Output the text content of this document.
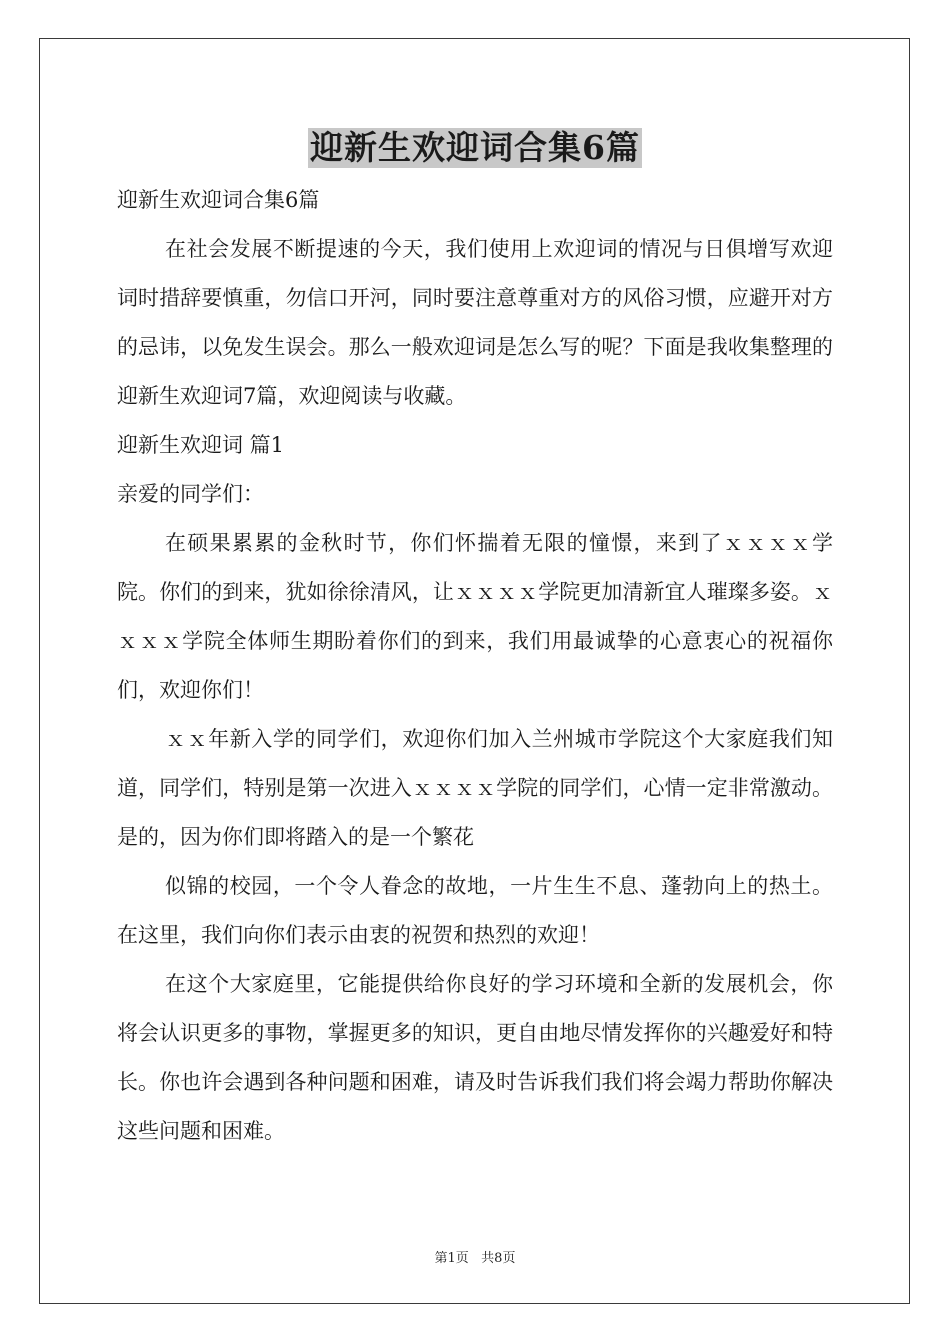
迎新生欢迎词合集6篇

迎新生欢迎词合集6篇

在社会发展不断提速的今天，我们使用上欢迎词的情况与日俱增写欢迎词时措辞要慎重，勿信口开河，同时要注意尊重对方的风俗习惯，应避开对方的忌讳，以免发生误会。那么一般欢迎词是怎么写的呢？下面是我收集整理的迎新生欢迎词7篇，欢迎阅读与收藏。

迎新生欢迎词 篇1

亲爱的同学们：

在硕果累累的金秋时节，你们怀揣着无限的憧憬，来到了ｘｘｘｘ学院。你们的到来，犹如徐徐清风，让ｘｘｘｘ学院更加清新宜人璀璨多姿。ｘｘｘｘ学院全体师生期盼着你们的到来，我们用最诚挚的心意衷心的祝福你们，欢迎你们！

ｘｘ年新入学的同学们，欢迎你们加入兰州城市学院这个大家庭我们知道，同学们，特别是第一次进入ｘｘｘｘ学院的同学们，心情一定非常激动。是的，因为你们即将踏入的是一个繁花

似锦的校园，一个令人眷念的故地，一片生生不息、蓬勃向上的热土。在这里，我们向你们表示由衷的祝贺和热烈的欢迎！

在这个大家庭里，它能提供给你良好的学习环境和全新的发展机会，你将会认识更多的事物，掌握更多的知识，更自由地尽情发挥你的兴趣爱好和特长。你也许会遇到各种问题和困难，请及时告诉我们我们将会竭力帮助你解决这些问题和困难。

第1页   共8页
